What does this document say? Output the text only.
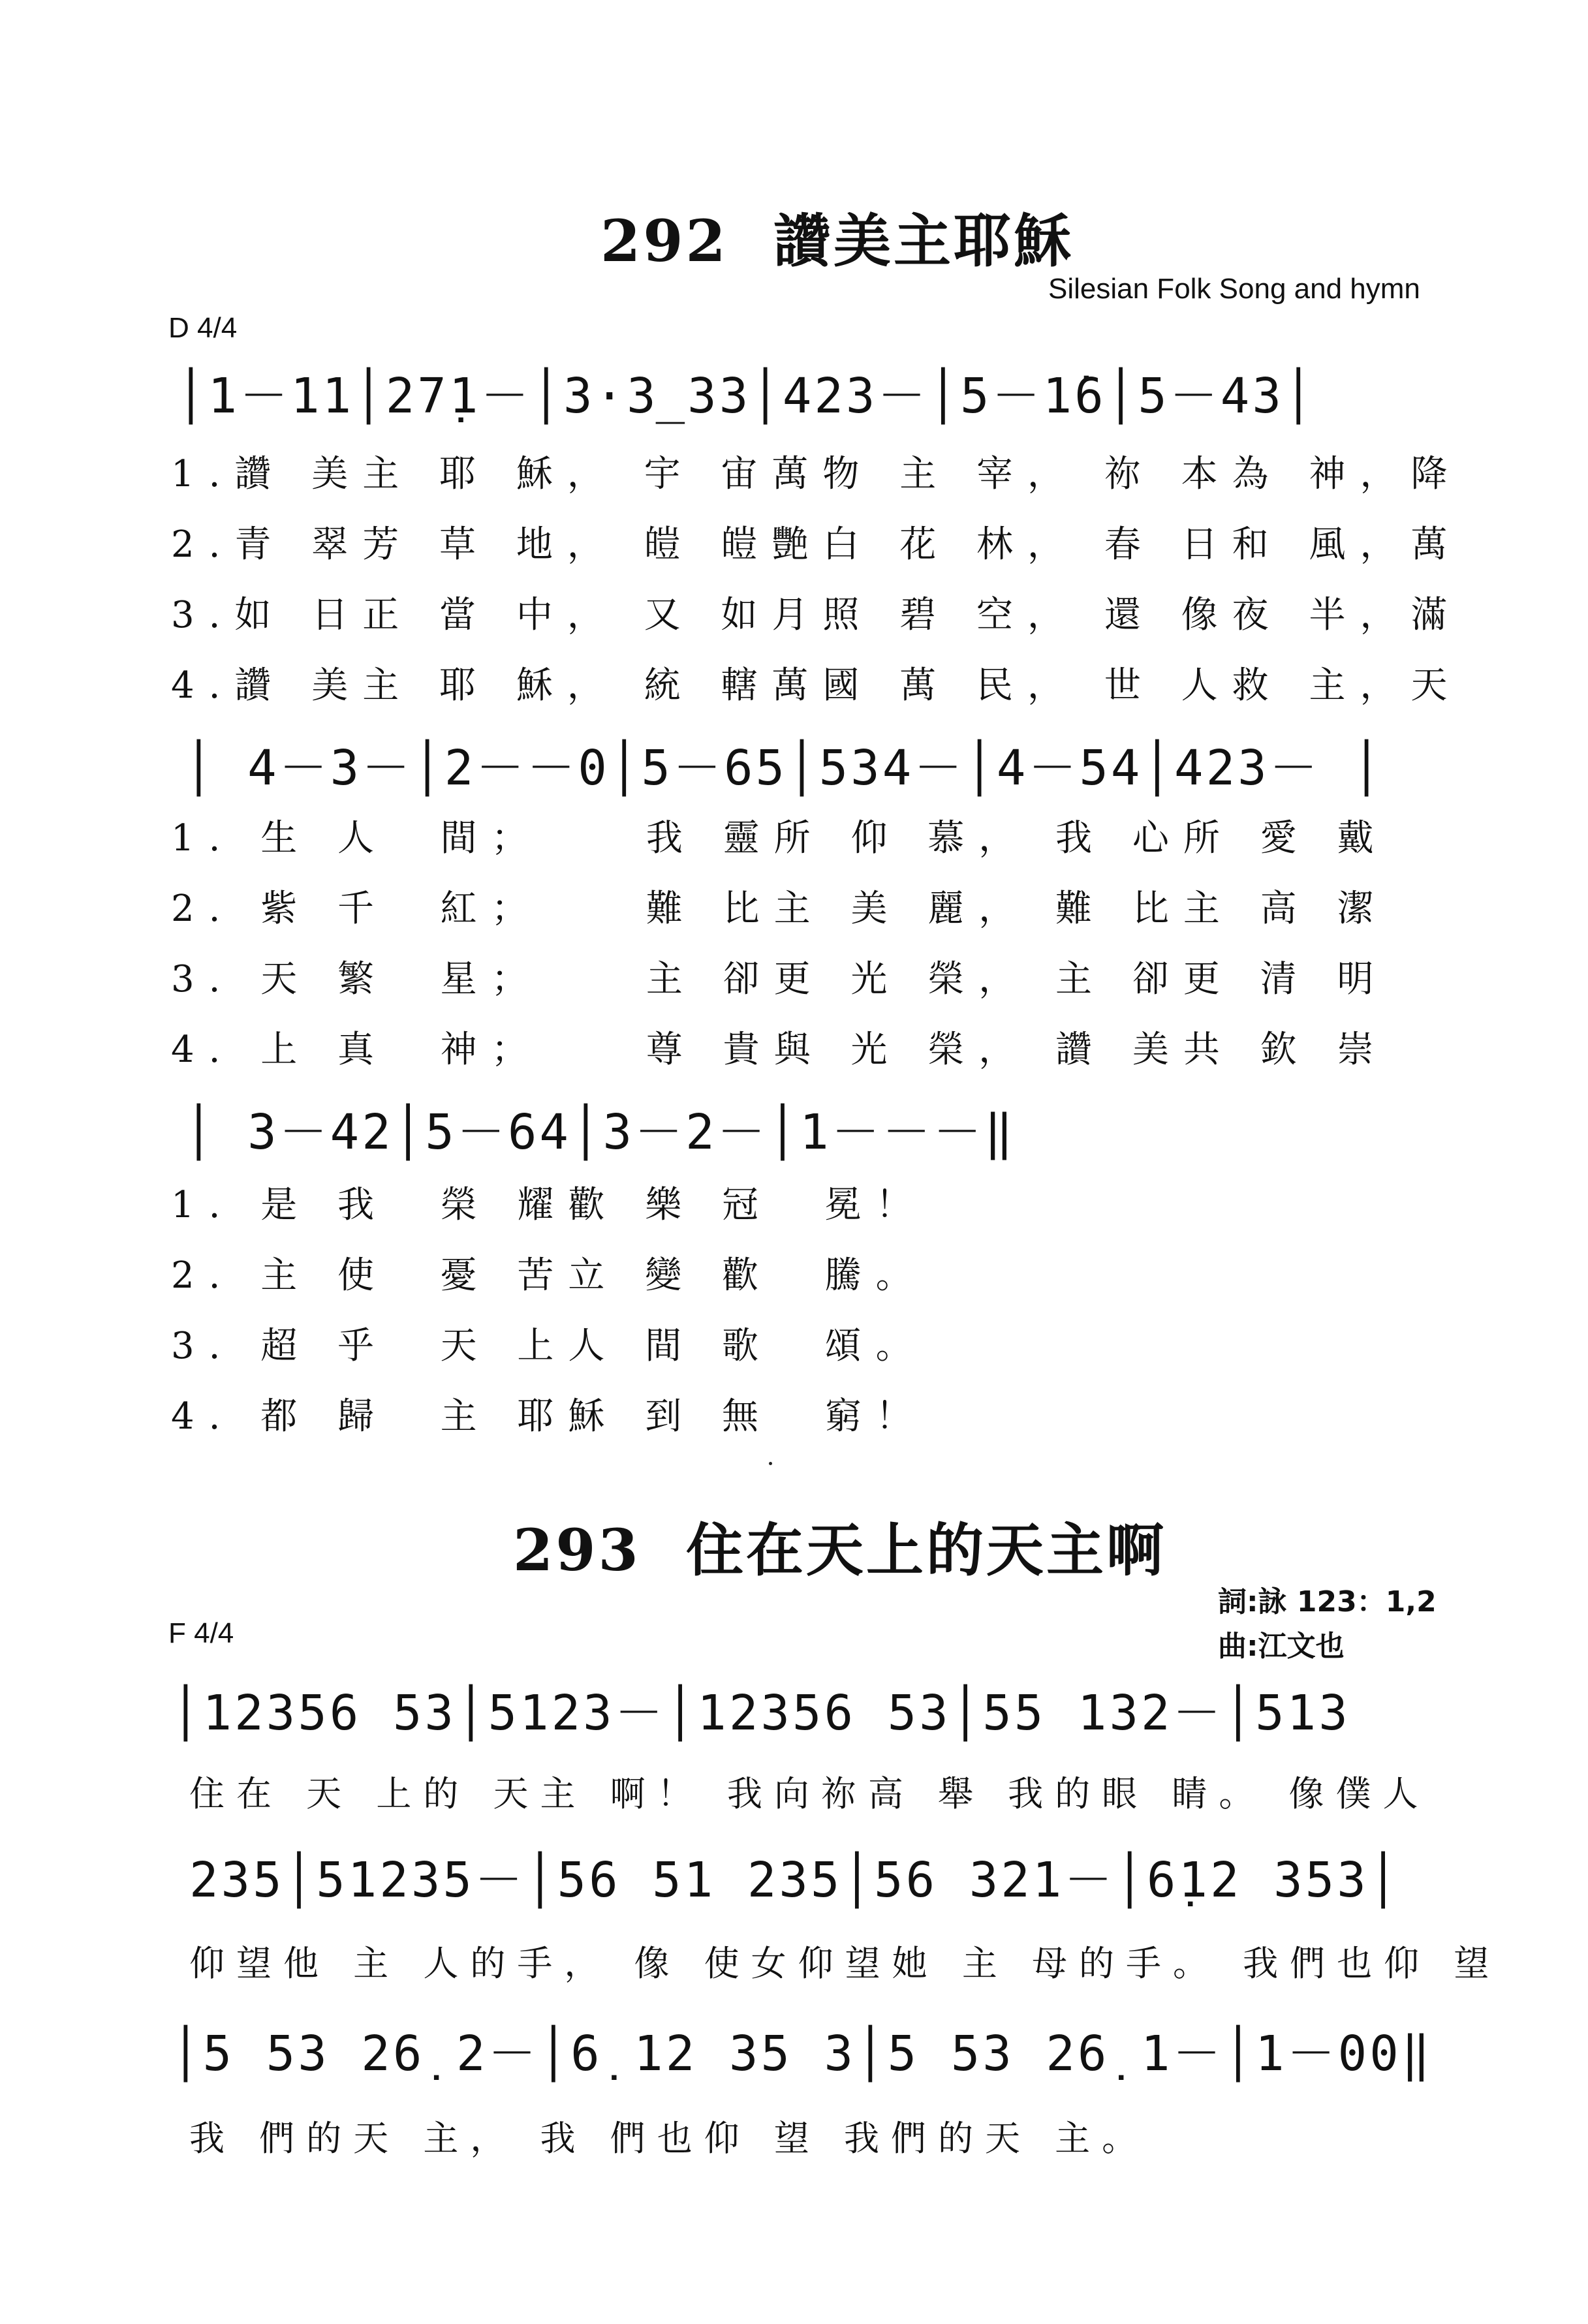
292  讚美主耶穌
Silesian Folk Song and hymn
D 4/4
│1－11│27̣1－│3·3̲33│423－│5－1̇6│5－43│
1.讚 美主 耶 穌， 宇 宙萬物 主 宰， 祢 本為 神，降
2.青 翠芳 草 地， 皚 皚艷白 花 林， 春 日和 風，萬
3.如 日正 當 中， 又 如月照 碧 空， 還 像夜 半，滿
4.讚 美主 耶 穌， 統 轄萬國 萬 民， 世 人救 主，天
│ 4－3－│2－－0│5－65│534－│4－54│423－ │
1. 生 人  間；    我 靈所 仰 慕， 我 心所 愛 戴
2. 紫 千  紅；    難 比主 美 麗， 難 比主 高 潔
3. 天 繁  星；    主 卻更 光 榮， 主 卻更 清 明
4. 上 真  神；    尊 貴與 光 榮， 讚 美共 欽 崇
│ 3－42│5－64│3－2－│1－－－‖
1. 是 我  榮 耀歡 樂 冠  冕！
2. 主 使  憂 苦立 變 歡  騰。
3. 超 乎  天 上人 間 歌  頌。
4. 都 歸  主 耶穌 到 無  窮！
293  住在天上的天主啊
詞:詠 123：1,2
曲:江文也
F 4/4
│12356 53│5123－│12356 53│55 132－│513
住在 天 上的 天主 啊！ 我向祢高 舉 我的眼 睛。 像僕人
235│51235－│56 51 235│56 321－│6̣12 353│
仰望他 主 人的手， 像 使女仰望她 主 母的手。 我們也仰 望
│5 53 26̣ 2－│6̣ 12 35 3│5 53 26̣ 1－│1－00‖
我 們的天 主， 我 們也仰 望 我們的天 主。
